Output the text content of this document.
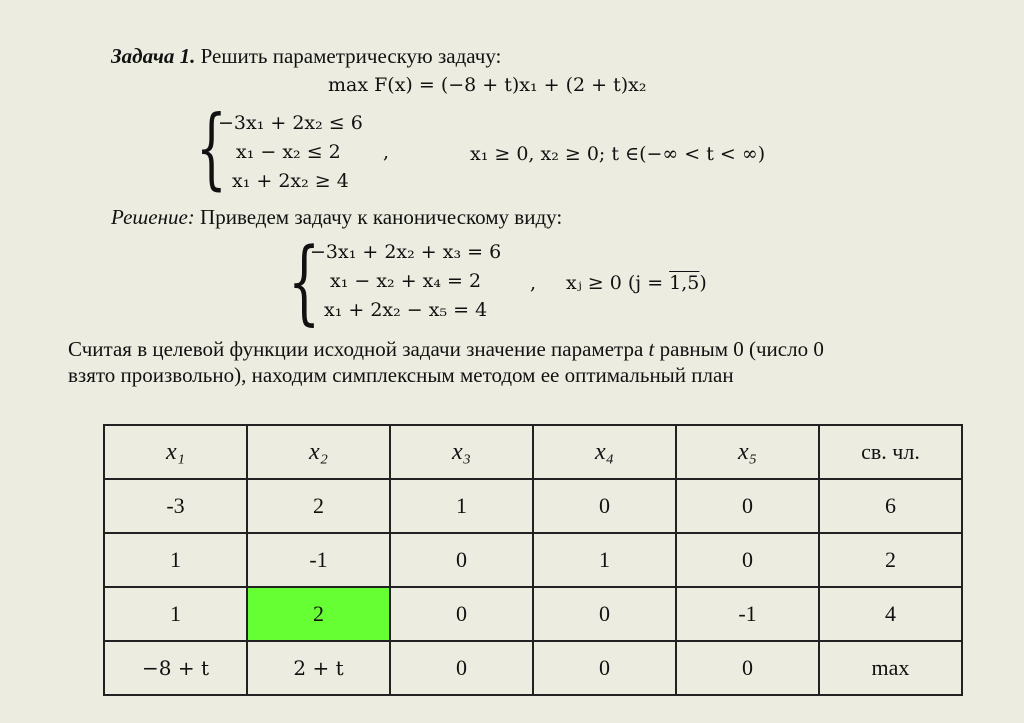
Задача 1. Решить параметрическую задачу:
max F(x) = (−8 + t)x₁ + (2 + t)x₂
{
−3x₁ + 2x₂ ≤ 6
x₁ − x₂ ≤ 2
x₁ + 2x₂ ≥ 4
,	x₁ ≥ 0, x₂ ≥ 0; t ∈(−∞ < t < ∞)
Решение: Приведем задачу к каноническому виду:
{
−3x₁ + 2x₂ + x₃ = 6
x₁ − x₂ + x₄ = 2
x₁ + 2x₂ − x₅ = 4
, xⱼ ≥ 0 (j = 1,5)
Считая в целевой функции исходной задачи значение параметра t равным 0 (число 0
взято произвольно), находим симплексным методом ее оптимальный план
x₁	x₂	x₃	x₄	x₅	св. чл.
-3	2	1	0	0	6
1	-1	0	1	0	2
1	2	0	0	-1	4
−8 + t	2 + t	0	0	0	max
